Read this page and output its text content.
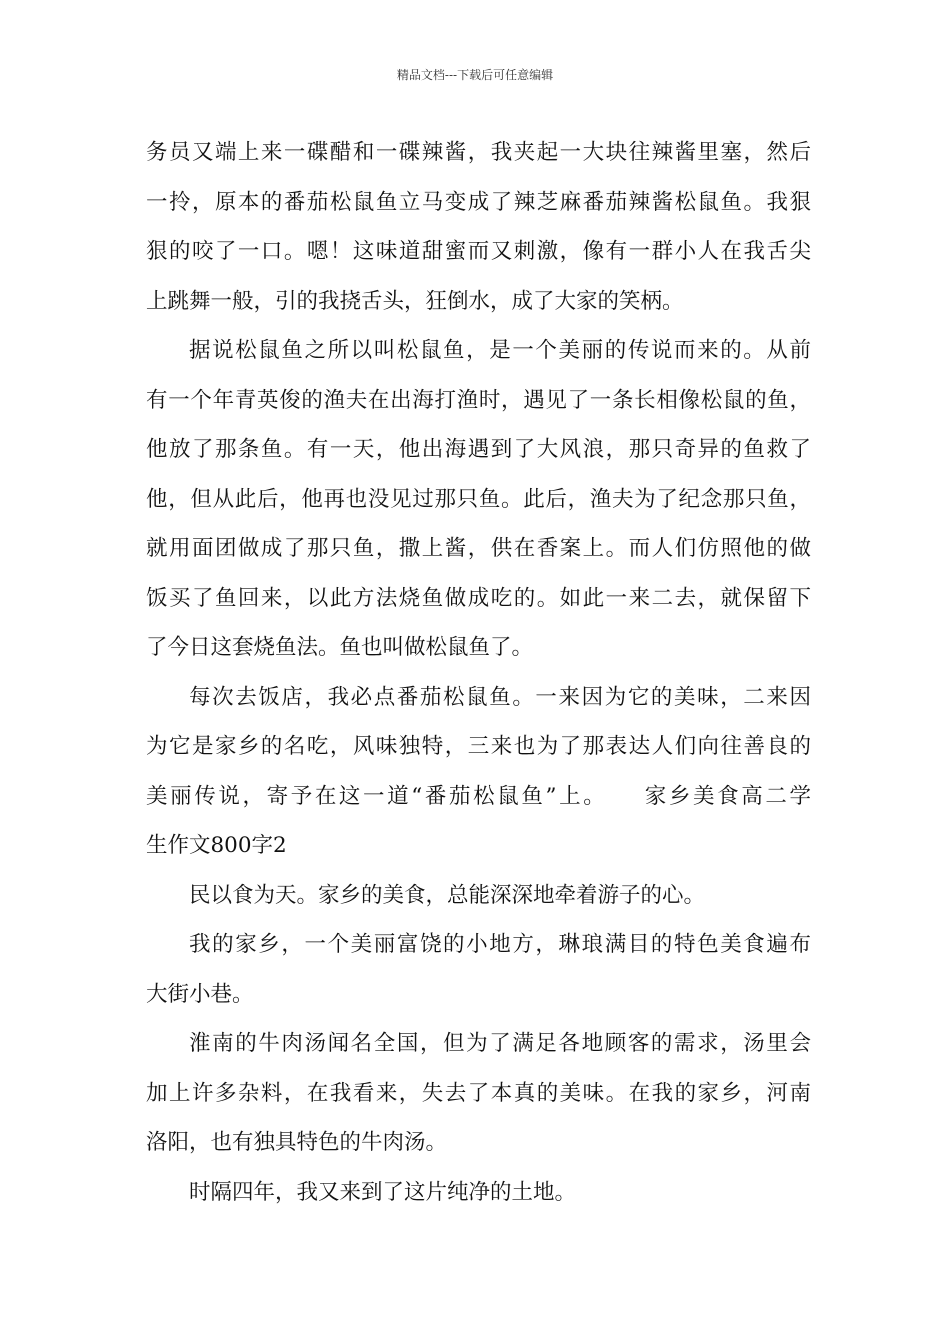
精品文档---下载后可任意编辑
务员又端上来一碟醋和一碟辣酱，我夹起一大块往辣酱里塞，然后
一拎，原本的番茄松鼠鱼立马变成了辣芝麻番茄辣酱松鼠鱼。我狠
狠的咬了一口。嗯！这味道甜蜜而又刺激，像有一群小人在我舌尖
上跳舞一般，引的我挠舌头，狂倒水，成了大家的笑柄。
据说松鼠鱼之所以叫松鼠鱼，是一个美丽的传说而来的。从前
有一个年青英俊的渔夫在出海打渔时，遇见了一条长相像松鼠的鱼，
他放了那条鱼。有一天，他出海遇到了大风浪，那只奇异的鱼救了
他，但从此后，他再也没见过那只鱼。此后，渔夫为了纪念那只鱼，
就用面团做成了那只鱼，撒上酱，供在香案上。而人们仿照他的做
饭买了鱼回来，以此方法烧鱼做成吃的。如此一来二去，就保留下
了今日这套烧鱼法。鱼也叫做松鼠鱼了。
每次去饭店，我必点番茄松鼠鱼。一来因为它的美味，二来因
为它是家乡的名吃，风味独特，三来也为了那表达人们向往善良的
美丽传说，寄予在这一道“番茄松鼠鱼”上。　　家乡美食高二学
生作文800字2
民以食为天。家乡的美食，总能深深地牵着游子的心。
我的家乡，一个美丽富饶的小地方，琳琅满目的特色美食遍布
大街小巷。
淮南的牛肉汤闻名全国，但为了满足各地顾客的需求，汤里会
加上许多杂料，在我看来，失去了本真的美味。在我的家乡，河南
洛阳，也有独具特色的牛肉汤。
时隔四年，我又来到了这片纯净的土地。
